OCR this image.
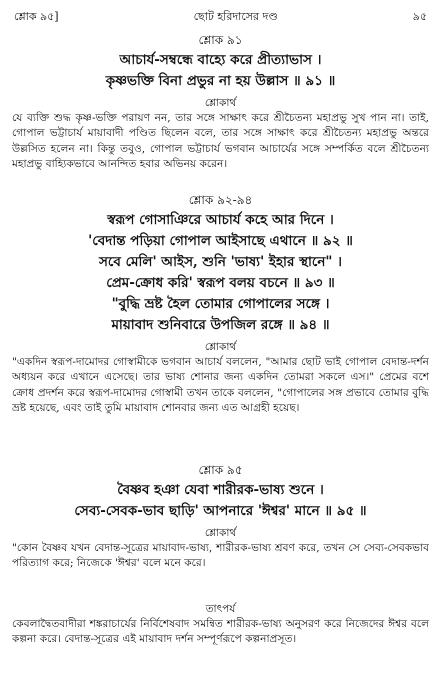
শ্লোক ৯৫]	ছোট হরিদাসের দণ্ড	৯৫
শ্লোক ৯১
আচার্য-সম্বন্ধে বাহ্যে করে প্রীত্যাভাস ।
কৃষ্ণভক্তি বিনা প্রভুর না হয় উল্লাস ॥ ৯১ ॥
শ্লোকার্থ

যে ব্যক্তি শুদ্ধ কৃষ্ণ-ভক্তি পরায়ণ নন, তার সঙ্গে সাক্ষাৎ করে শ্রীচৈতন্য মহাপ্রভু সুখ পান না। তাই, গোপাল ভট্টাচার্য মায়াবাদী পণ্ডিত ছিলেন বলে, তার সঙ্গে সাক্ষাৎ করে শ্রীচৈতন্য মহাপ্রভু অন্তরে উল্লসিত হলেন না। কিন্তু তবুও, গোপাল ভট্টাচার্য ভগবান আচার্যের সঙ্গে সম্পর্কিত বলে শ্রীচৈতন্য মহাপ্রভু বাহ্যিকভাবে আনন্দিত হবার অভিনয় করেন।

শ্লোক ৯২-৯৪
স্বরূপ গোসাঞিরে আচার্য কহে আর দিনে ।
'বেদান্ত পড়িয়া গোপাল আইসাছে এথানে ॥ ৯২ ॥
সবে মেলি' আইস, শুনি 'ভাষ্য' ইহার স্থানে" ।
প্রেম-ক্রোধ করি' স্বরূপ বলয় বচনে ॥ ৯৩ ॥
"বুদ্ধি ভ্রষ্ট হৈল তোমার গোপালের সঙ্গে ।
মায়াবাদ শুনিবারে উপজিল রঙ্গে ॥ ৯৪ ॥
শ্লোকার্থ

"একদিন স্বরূপ-দামোদর গোস্বামীকে ভগবান আচার্য বললেন, "আমার ছোট ভাই গোপাল বেদান্ত-দর্শন অধ্যয়ন করে এখানে এসেছে। তার ভাষ্য শোনার জন্য একদিন তোমরা সকলে এস।" প্রেমের বশে ক্রোধ প্রদর্শন করে স্বরূপ-দামোদর গোস্বামী তখন তাকে বললেন, "গোপালের সঙ্গ প্রভাবে তোমার বুদ্ধি ভ্রষ্ট হয়েছে, এবং তাই তুমি মায়াবাদ শোনবার জন্য এত আগ্রহী হয়েছ।

শ্লোক ৯৫
বৈষ্ণব হঞা যেবা শারীরক-ভাষ্য শুনে ।
সেব্য-সেবক-ভাব ছাড়ি' আপনারে 'ঈশ্বর' মানে ॥ ৯৫ ॥
শ্লোকার্থ

"কোন বৈষ্ণব যখন বেদান্ত-সূত্রের মায়াবাদ-ভাষ্য, শারীরক-ভাষ্য শ্রবণ করে, তখন সে সেব্য-সেবকভাব পরিত্যাগ করে; নিজেকে 'ঈশ্বর' বলে মনে করে।

তাৎপর্য

কেবলাদ্বৈতবাদীরা শঙ্করাচার্যের নির্বিশেষবাদ সমন্বিত শারীরক-ভাষ্য অনুসরণ করে নিজেদের ঈশ্বর বলে কল্পনা করে। বেদান্ত-সূত্রের এই মায়াবাদ দর্শন সম্পূর্ণরূপে কল্পনাপ্রসূত।
